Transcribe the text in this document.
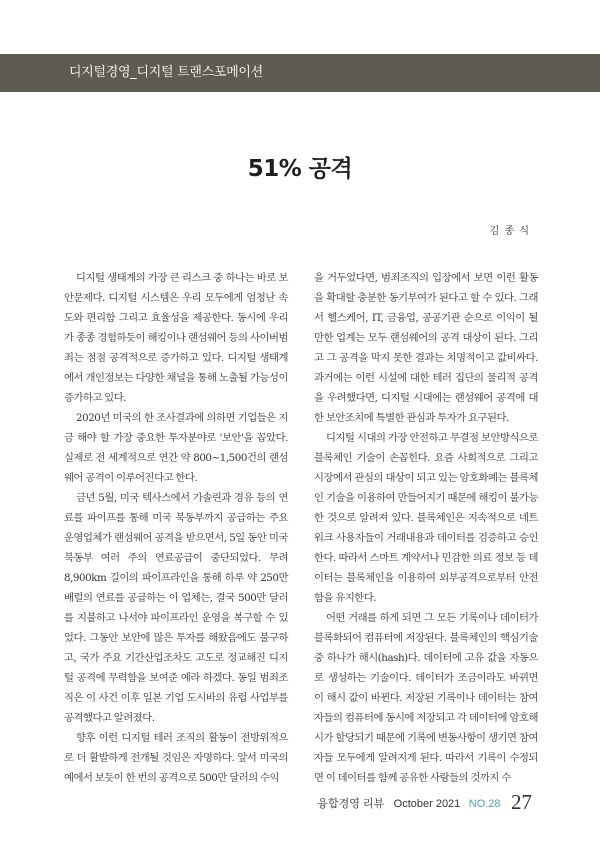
디지털경영_디지털 트랜스포메이션
51% 공격
김 종 식

디지털 생태계의 가장 큰 리스크 중 하나는 바로 보안문제다. 디지털 시스템은 우리 모두에게 엄청난 속도와 편리함 그리고 효율성을 제공한다. 동시에 우리가 종종 경험하듯이 해킹이나 랜섬웨어 등의 사이버범죄는 점점 공격적으로 증가하고 있다. 디지털 생태계에서 개인정보는 다양한 채널을 통해 노출될 가능성이 증가하고 있다.

2020년 미국의 한 조사결과에 의하면 기업들은 지금 해야 할 가장 중요한 투자분야로 '보안'을 꼽았다. 실제로 전 세계적으로 연간 약 800~1,500건의 랜섬웨어 공격이 이루어진다고 한다.

금년 5월, 미국 텍사스에서 가솔린과 경유 등의 연료를 파이프를 통해 미국 북동부까지 공급하는 주요 운영업체가 랜섬웨어 공격을 받으면서, 5일 동안 미국 북동부 여러 주의 연료공급이 중단되었다. 무려 8,900km 길이의 파이프라인을 통해 하루 약 250만 배럴의 연료를 공급하는 이 업체는, 결국 500만 달러를 지불하고 나서야 파이프라인 운영을 복구할 수 있었다. 그동안 보안에 많은 투자를 해왔음에도 불구하고, 국가 주요 기간산업조차도 고도로 정교해진 디지털 공격에 무력함을 보여준 예라 하겠다. 동일 범죄조직은 이 사건 이후 일본 기업 도시바의 유럽 사업부를 공격했다고 알려졌다.

향후 이런 디지털 테러 조직의 활동이 전방위적으로 더 활발하게 전개될 것임은 자명하다. 앞서 미국의 예에서 보듯이 한 번의 공격으로 500만 달러의 수익

을 거두었다면, 범죄조직의 입장에서 보면 이런 활동을 확대할 충분한 동기부여가 된다고 할 수 있다. 그래서 헬스케어, IT, 금융업, 공공기관 순으로 이익이 될 만한 업계는 모두 랜섬웨어의 공격 대상이 된다. 그리고 그 공격을 막지 못한 결과는 치명적이고 값비싸다. 과거에는 이런 시설에 대한 테러 집단의 물리적 공격을 우려했다면, 디지털 시대에는 랜섬웨어 공격에 대한 보안조치에 특별한 관심과 투자가 요구된다.

디지털 시대의 가장 안전하고 무결점 보안방식으로 블록체인 기술이 손꼽힌다. 요즘 사회적으로 그리고 시장에서 관심의 대상이 되고 있는 암호화폐는 블록체인 기술을 이용하여 만들어지기 때문에 해킹이 불가능한 것으로 알려져 있다. 블록체인은 지속적으로 네트워크 사용자들이 거래내용과 데이터를 검증하고 승인한다. 따라서 스마트 계약서나 민감한 의료 정보 등 데이터는 블록체인을 이용하여 외부공격으로부터 안전함을 유지한다.

어떤 거래를 하게 되면 그 모든 기록이나 데이터가 블록화되어 컴퓨터에 저장된다. 블록체인의 핵심기술 중 하나가 해시(hash)다. 데이터에 고유 값을 자동으로 생성하는 기술이다. 데이터가 조금이라도 바뀌면 이 해시 값이 바뀐다. 저장된 기록이나 데이터는 참여자들의 컴퓨터에 동시에 저장되고 각 데이터에 암호해시가 할당되기 때문에 기록에 변동사항이 생기면 참여자들 모두에게 알려지게 된다. 따라서 기록이 수정되면 이 데이터를 함께 공유한 사람들의 것까지 수

융합경영 리뷰 October 2021 NO.28 27
